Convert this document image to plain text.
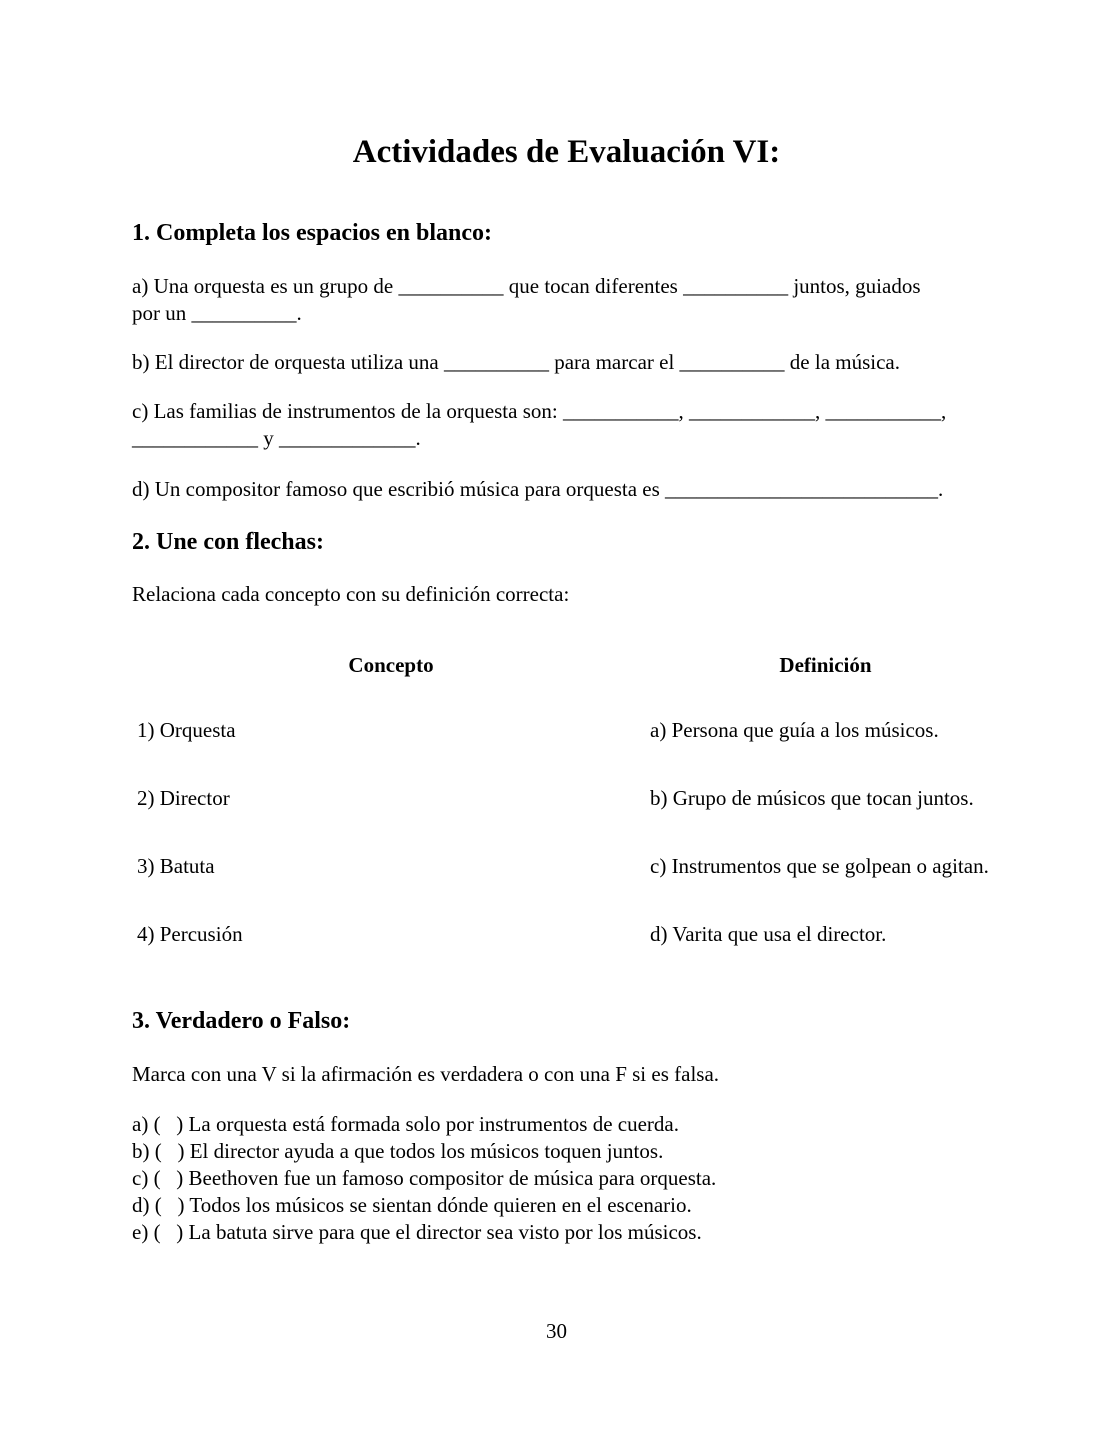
Actividades de Evaluación VI:
1. Completa los espacios en blanco:

a) Una orquesta es un grupo de __________ que tocan diferentes __________ juntos, guiados
por un __________.

b) El director de orquesta utiliza una __________ para marcar el __________ de la música.

c) Las familias de instrumentos de la orquesta son: ___________, ____________, ___________,
____________ y _____________.

d) Un compositor famoso que escribió música para orquesta es __________________________.

2. Une con flechas:

Relaciona cada concepto con su definición correcta:

Concepto	Definición
1) Orquesta	a) Persona que guía a los músicos.
2) Director	b) Grupo de músicos que tocan juntos.
3) Batuta	c) Instrumentos que se golpean o agitan.
4) Percusión	d) Varita que usa el director.
3. Verdadero o Falso:

Marca con una V si la afirmación es verdadera o con una F si es falsa.

a) (   ) La orquesta está formada solo por instrumentos de cuerda.

b) (   ) El director ayuda a que todos los músicos toquen juntos.

c) (   ) Beethoven fue un famoso compositor de música para orquesta.

d) (   ) Todos los músicos se sientan dónde quieren en el escenario.

e) (   ) La batuta sirve para que el director sea visto por los músicos.

30
